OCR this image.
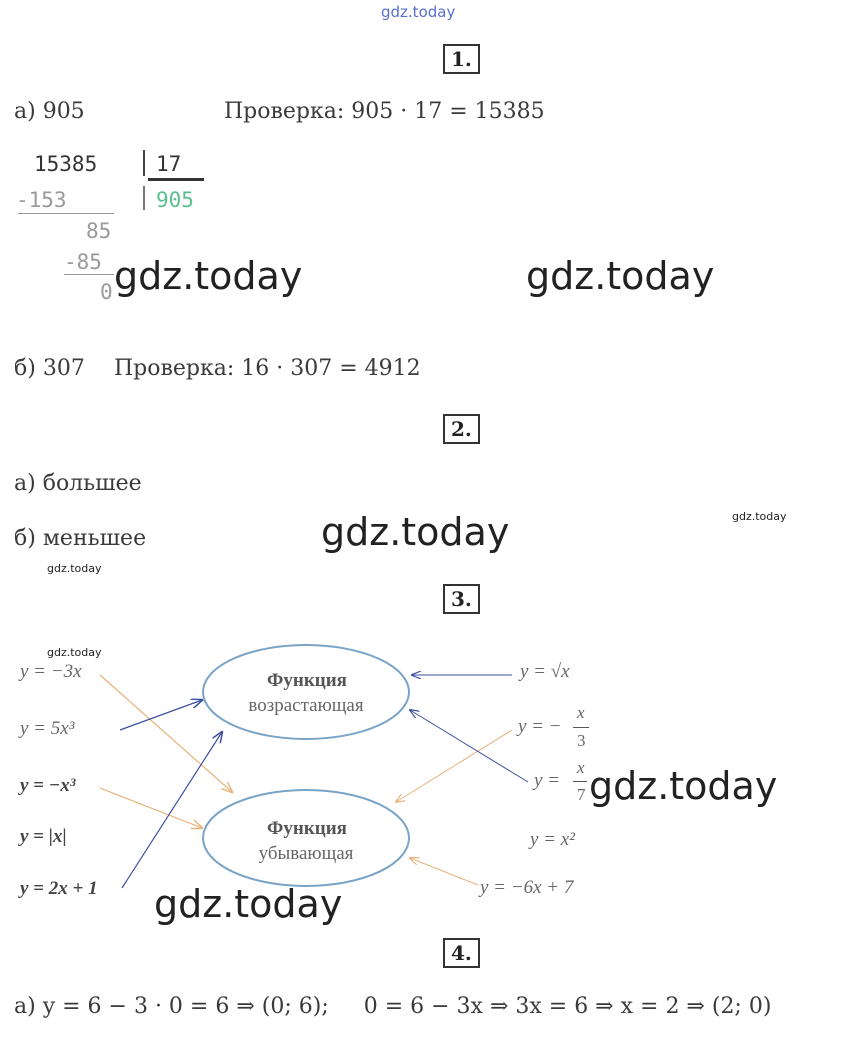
gdz.today
1.
а) 905	Проверка: 905 · 17 = 15385
15385	17
-153	905
85
-85
0 gdz.today	gdz.today
б) 307 Проверка: 16 · 307 = 4912
2.
а) большее
б) меньшее	gdz.today	gdz.today
gdz.today
3.
gdz.today
Функция
возрастающая
Функция
убывающая
y = −3x
y = 5x³
y = −x³
y = |x|
y = 2x + 1
y = √x
y = −
x
3
y =
x
7
y = x²
y = −6x + 7
gdz.today
gdz.today
4.
а) y = 6 − 3 · 0 = 6 ⇒ (0; 6);     0 = 6 − 3x ⇒ 3x = 6 ⇒ x = 2 ⇒ (2; 0)
